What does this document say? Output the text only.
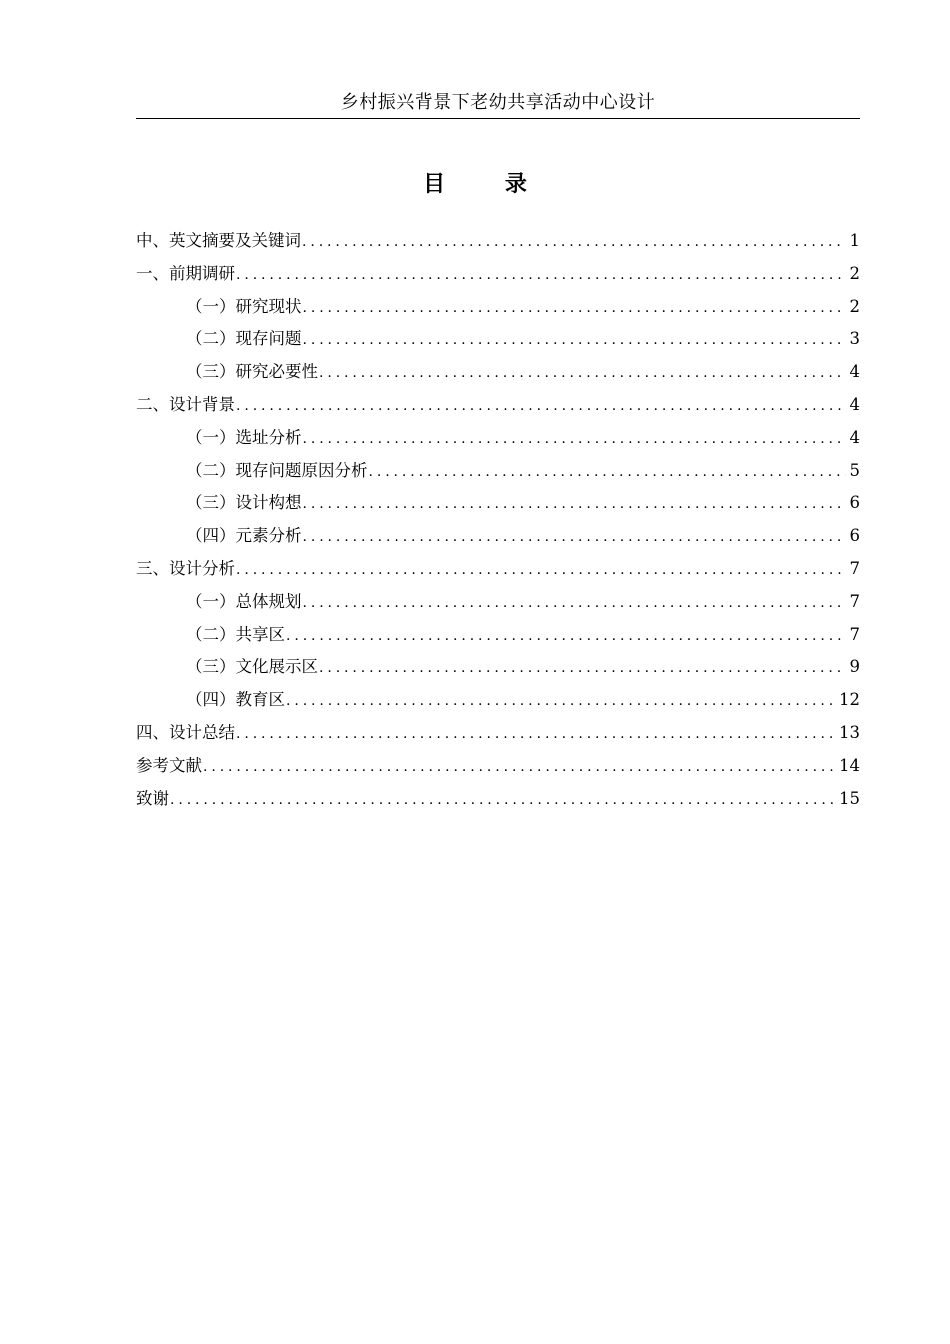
乡村振兴背景下老幼共享活动中心设计
目 录
中、英文摘要及关键词 .....	1
一、前期调研 .....	2
（一）研究现状 .....	2
（二）现存问题 .....	3
（三）研究必要性 .....	4
二、设计背景 .....	4
（一）选址分析 .....	4
（二）现存问题原因分析 .....	5
（三）设计构想 .....	6
（四）元素分析 .....	6
三、设计分析 .....	7
（一）总体规划 .....	7
（二）共享区 .....	7
（三）文化展示区 .....	9
（四）教育区 .....	12
四、设计总结 .....	13
参考文献 .....	14
致谢 .....	15
